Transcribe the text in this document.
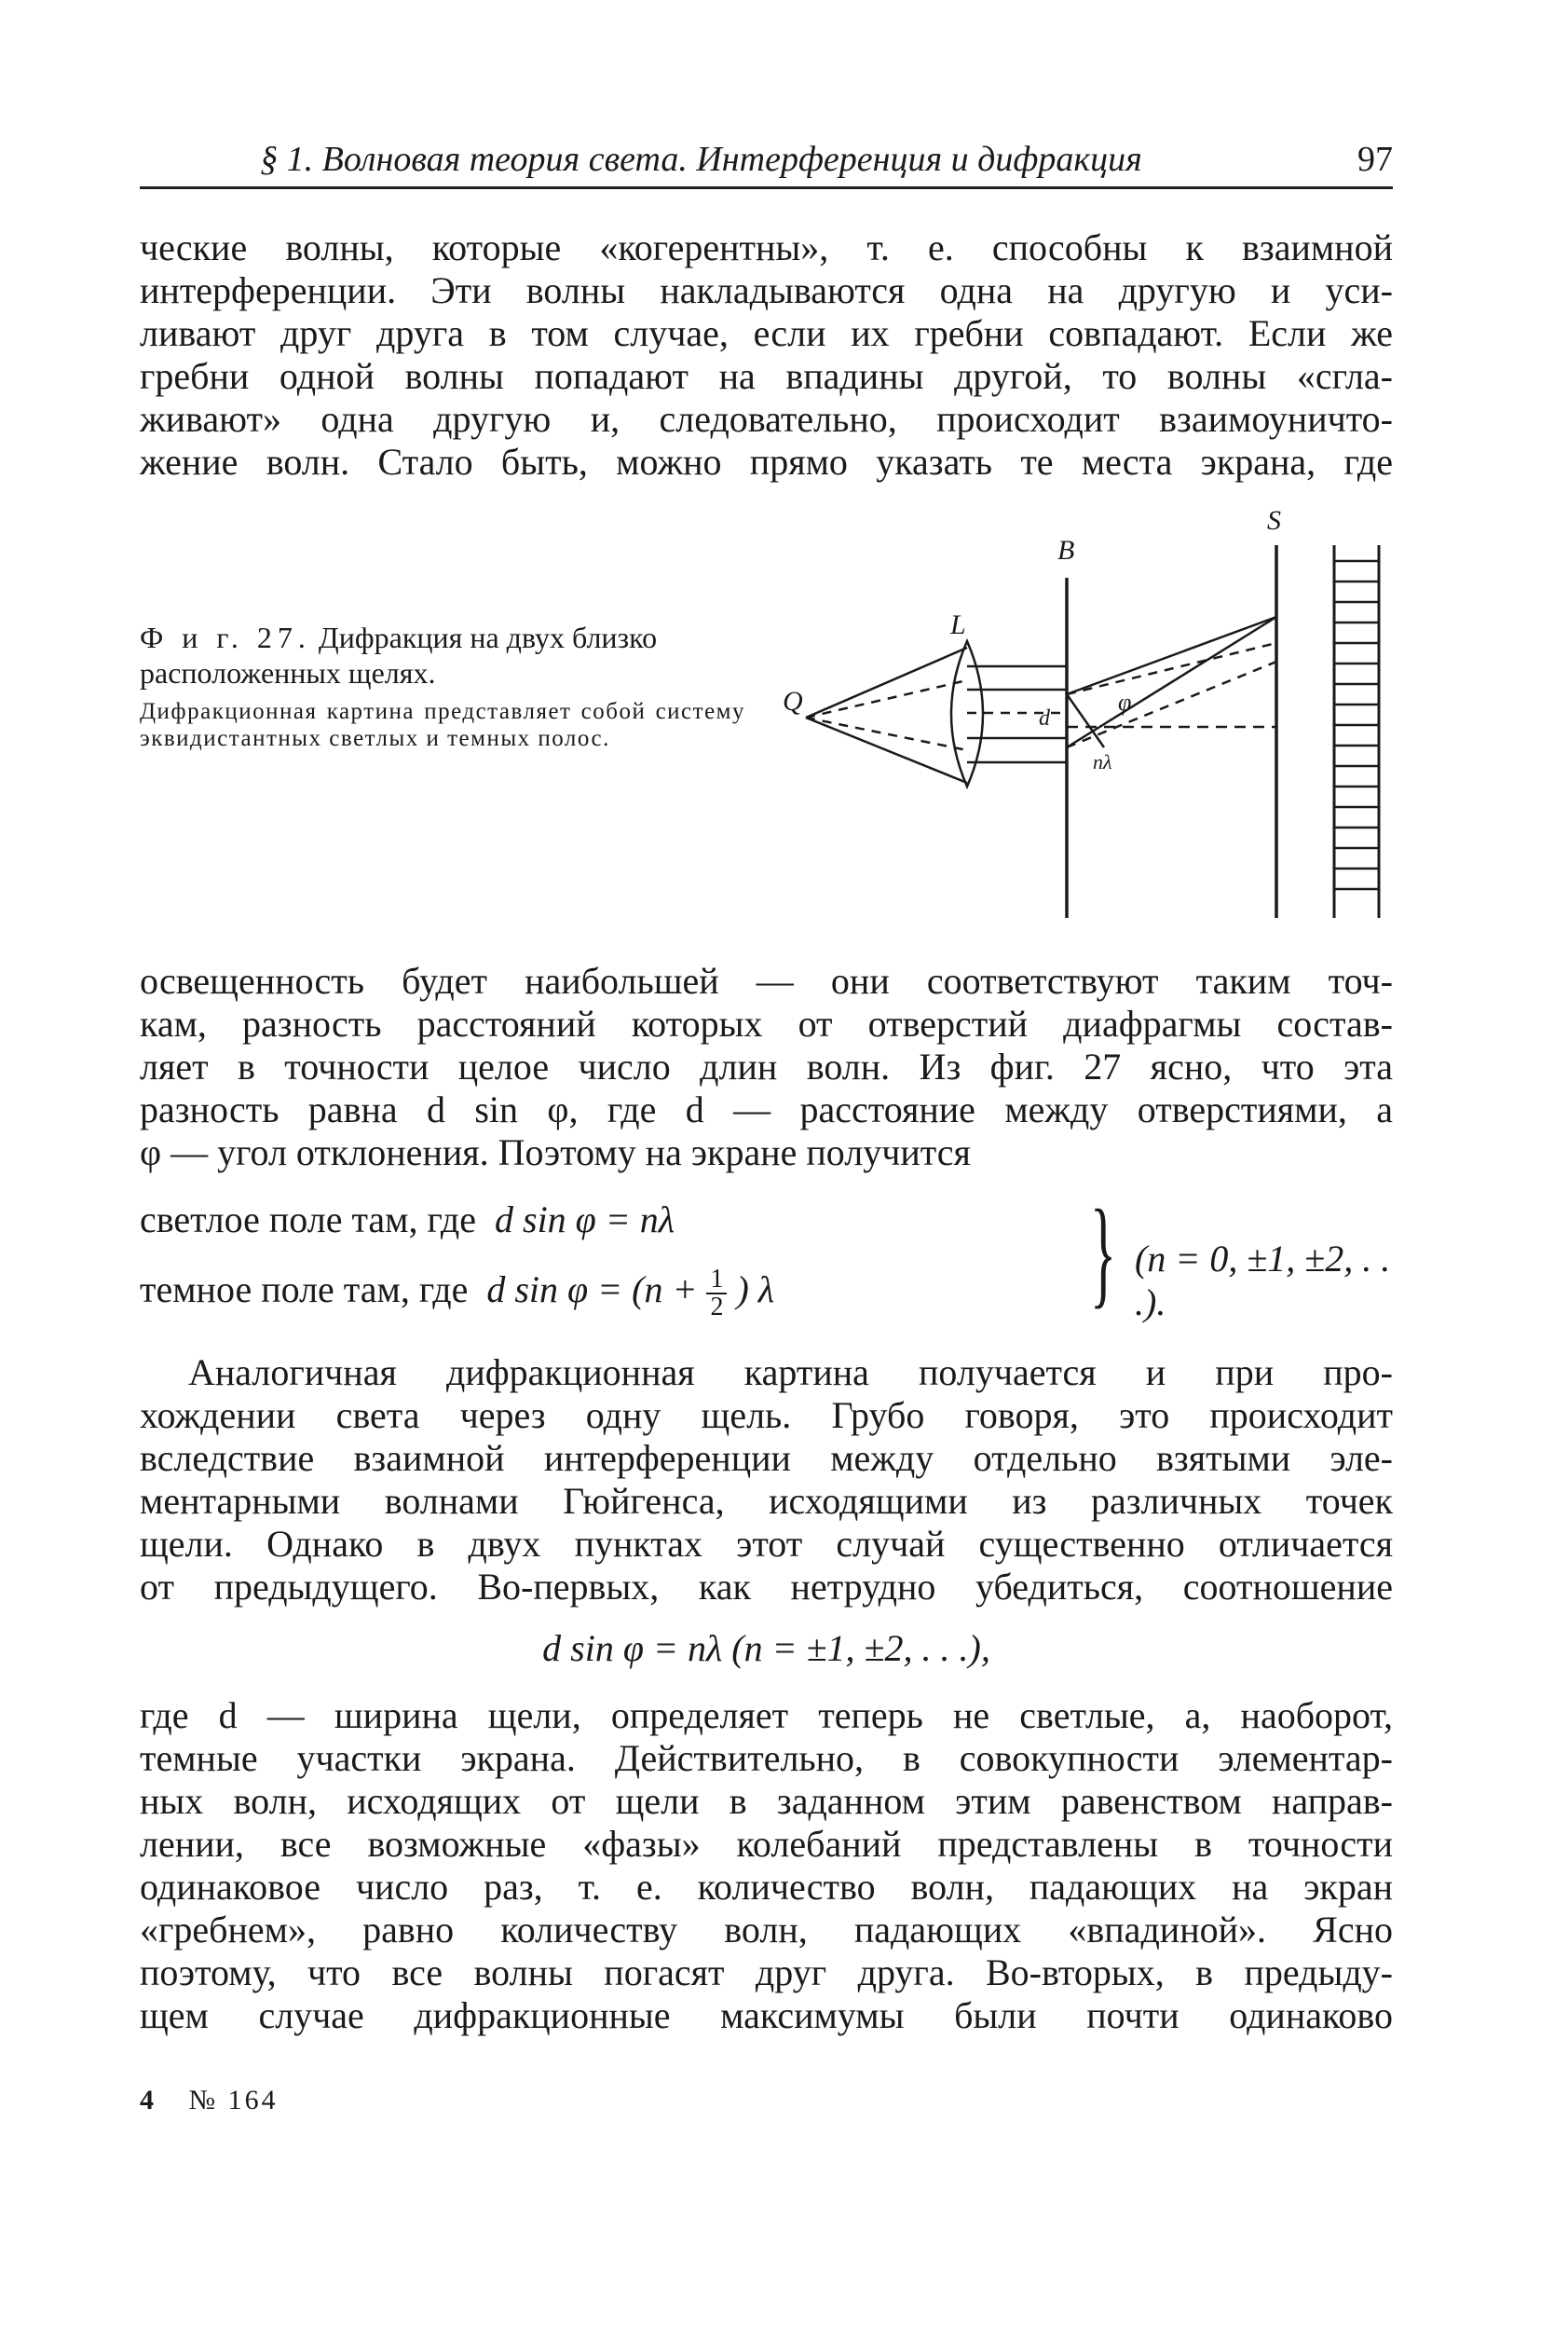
§ 1. Волновая теория света. Интерференция и дифракция	97
ческие волны, которые «когерентны», т. е. способны к взаимной
интерференции. Эти волны накладываются одна на другую и уси-
ливают друг друга в том случае, если их гребни совпадают. Если же
гребни одной волны попадают на впадины другой, то волны «сгла-
живают» одна другую и, следовательно, происходит взаимоуничто-
жение волн. Стало быть, можно прямо указать те места экрана, где
Ф и г. 27. Дифракция на двух близко расположенных щелях.
Дифракционная картина представляет собой систему эквидистантных светлых и темных полос.
Q
L
B
S
d
φ
nλ
освещенность будет наибольшей — они соответствуют таким точ-
кам, разность расстояний которых от отверстий диафрагмы состав-
ляет в точности целое число длин волн. Из фиг. 27 ясно, что эта
разность равна d sin φ, где d — расстояние между отверстиями, а
φ — угол отклонения. Поэтому на экране получится
светлое поле там, где d sin φ = nλ
темное поле там, где d $\sin \varphi = (n + \frac{1}{2}$ ) λ	} (n = 0, ±1, ±2, . . .).
Аналогичная дифракционная картина получается и при про-
хождении света через одну щель. Грубо говоря, это происходит
вследствие взаимной интерференции между отдельно взятыми эле-
ментарными волнами Гюйгенса, исходящими из различных точек
щели. Однако в двух пунктах этот случай существенно отличается
от предыдущего. Во-первых, как нетрудно убедиться, соотношение
d sin φ = nλ (n = ±1, ±2, . . .),
где d — ширина щели, определяет теперь не светлые, а, наоборот,
темные участки экрана. Действительно, в совокупности элементар-
ных волн, исходящих от щели в заданном этим равенством направ-
лении, все возможные «фазы» колебаний представлены в точности
одинаковое число раз, т. е. количество волн, падающих на экран
«гребнем», равно количеству волн, падающих «впадиной». Ясно
поэтому, что все волны погасят друг друга. Во-вторых, в предыду-
щем случае дифракционные максимумы были почти одинаково
4 № 164
